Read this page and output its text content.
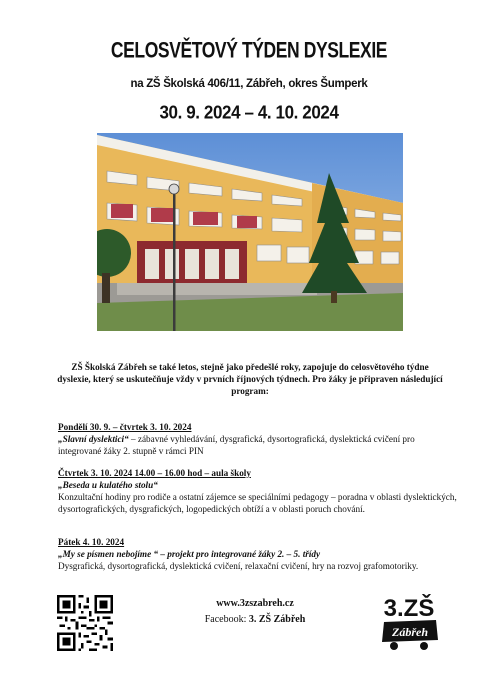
CELOSVĚTOVÝ TÝDEN DYSLEXIE
na ZŠ Školská 406/11, Zábřeh, okres Šumperk
30. 9. 2024 – 4. 10. 2024
ZŠ Školská Zábřeh se také letos, stejně jako předešlé roky, zapojuje do celosvětového týdne dyslexie, který se uskutečňuje vždy v prvních říjnových týdnech. Pro žáky je připraven následující program:
Pondělí 30. 9. – čtvrtek 3. 10. 2024
„Slavní dyslektici“ – zábavné vyhledávání, dysgrafická, dysortografická, dyslektická cvičení pro integrované žáky 2. stupně v rámci PIN
Čtvrtek 3. 10. 2024 14.00 – 16.00 hod – aula školy
„Beseda u kulatého stolu“
Konzultační hodiny pro rodiče a ostatní zájemce se speciálními pedagogy – poradna v oblasti dyslektických, dysortografických, dysgrafických, logopedických obtíží a v oblasti poruch chování.
Pátek 4. 10. 2024
„My se písmen nebojíme “ – projekt pro integrované žáky 2. – 5. třídy
Dysgrafická, dysortografická, dyslektická cvičení, relaxační cvičení, hry na rozvoj grafomotoriky.
www.3zszabreh.cz
Facebook: 3. ZŠ Zábřeh	3.ZŠ
Zábřeh
